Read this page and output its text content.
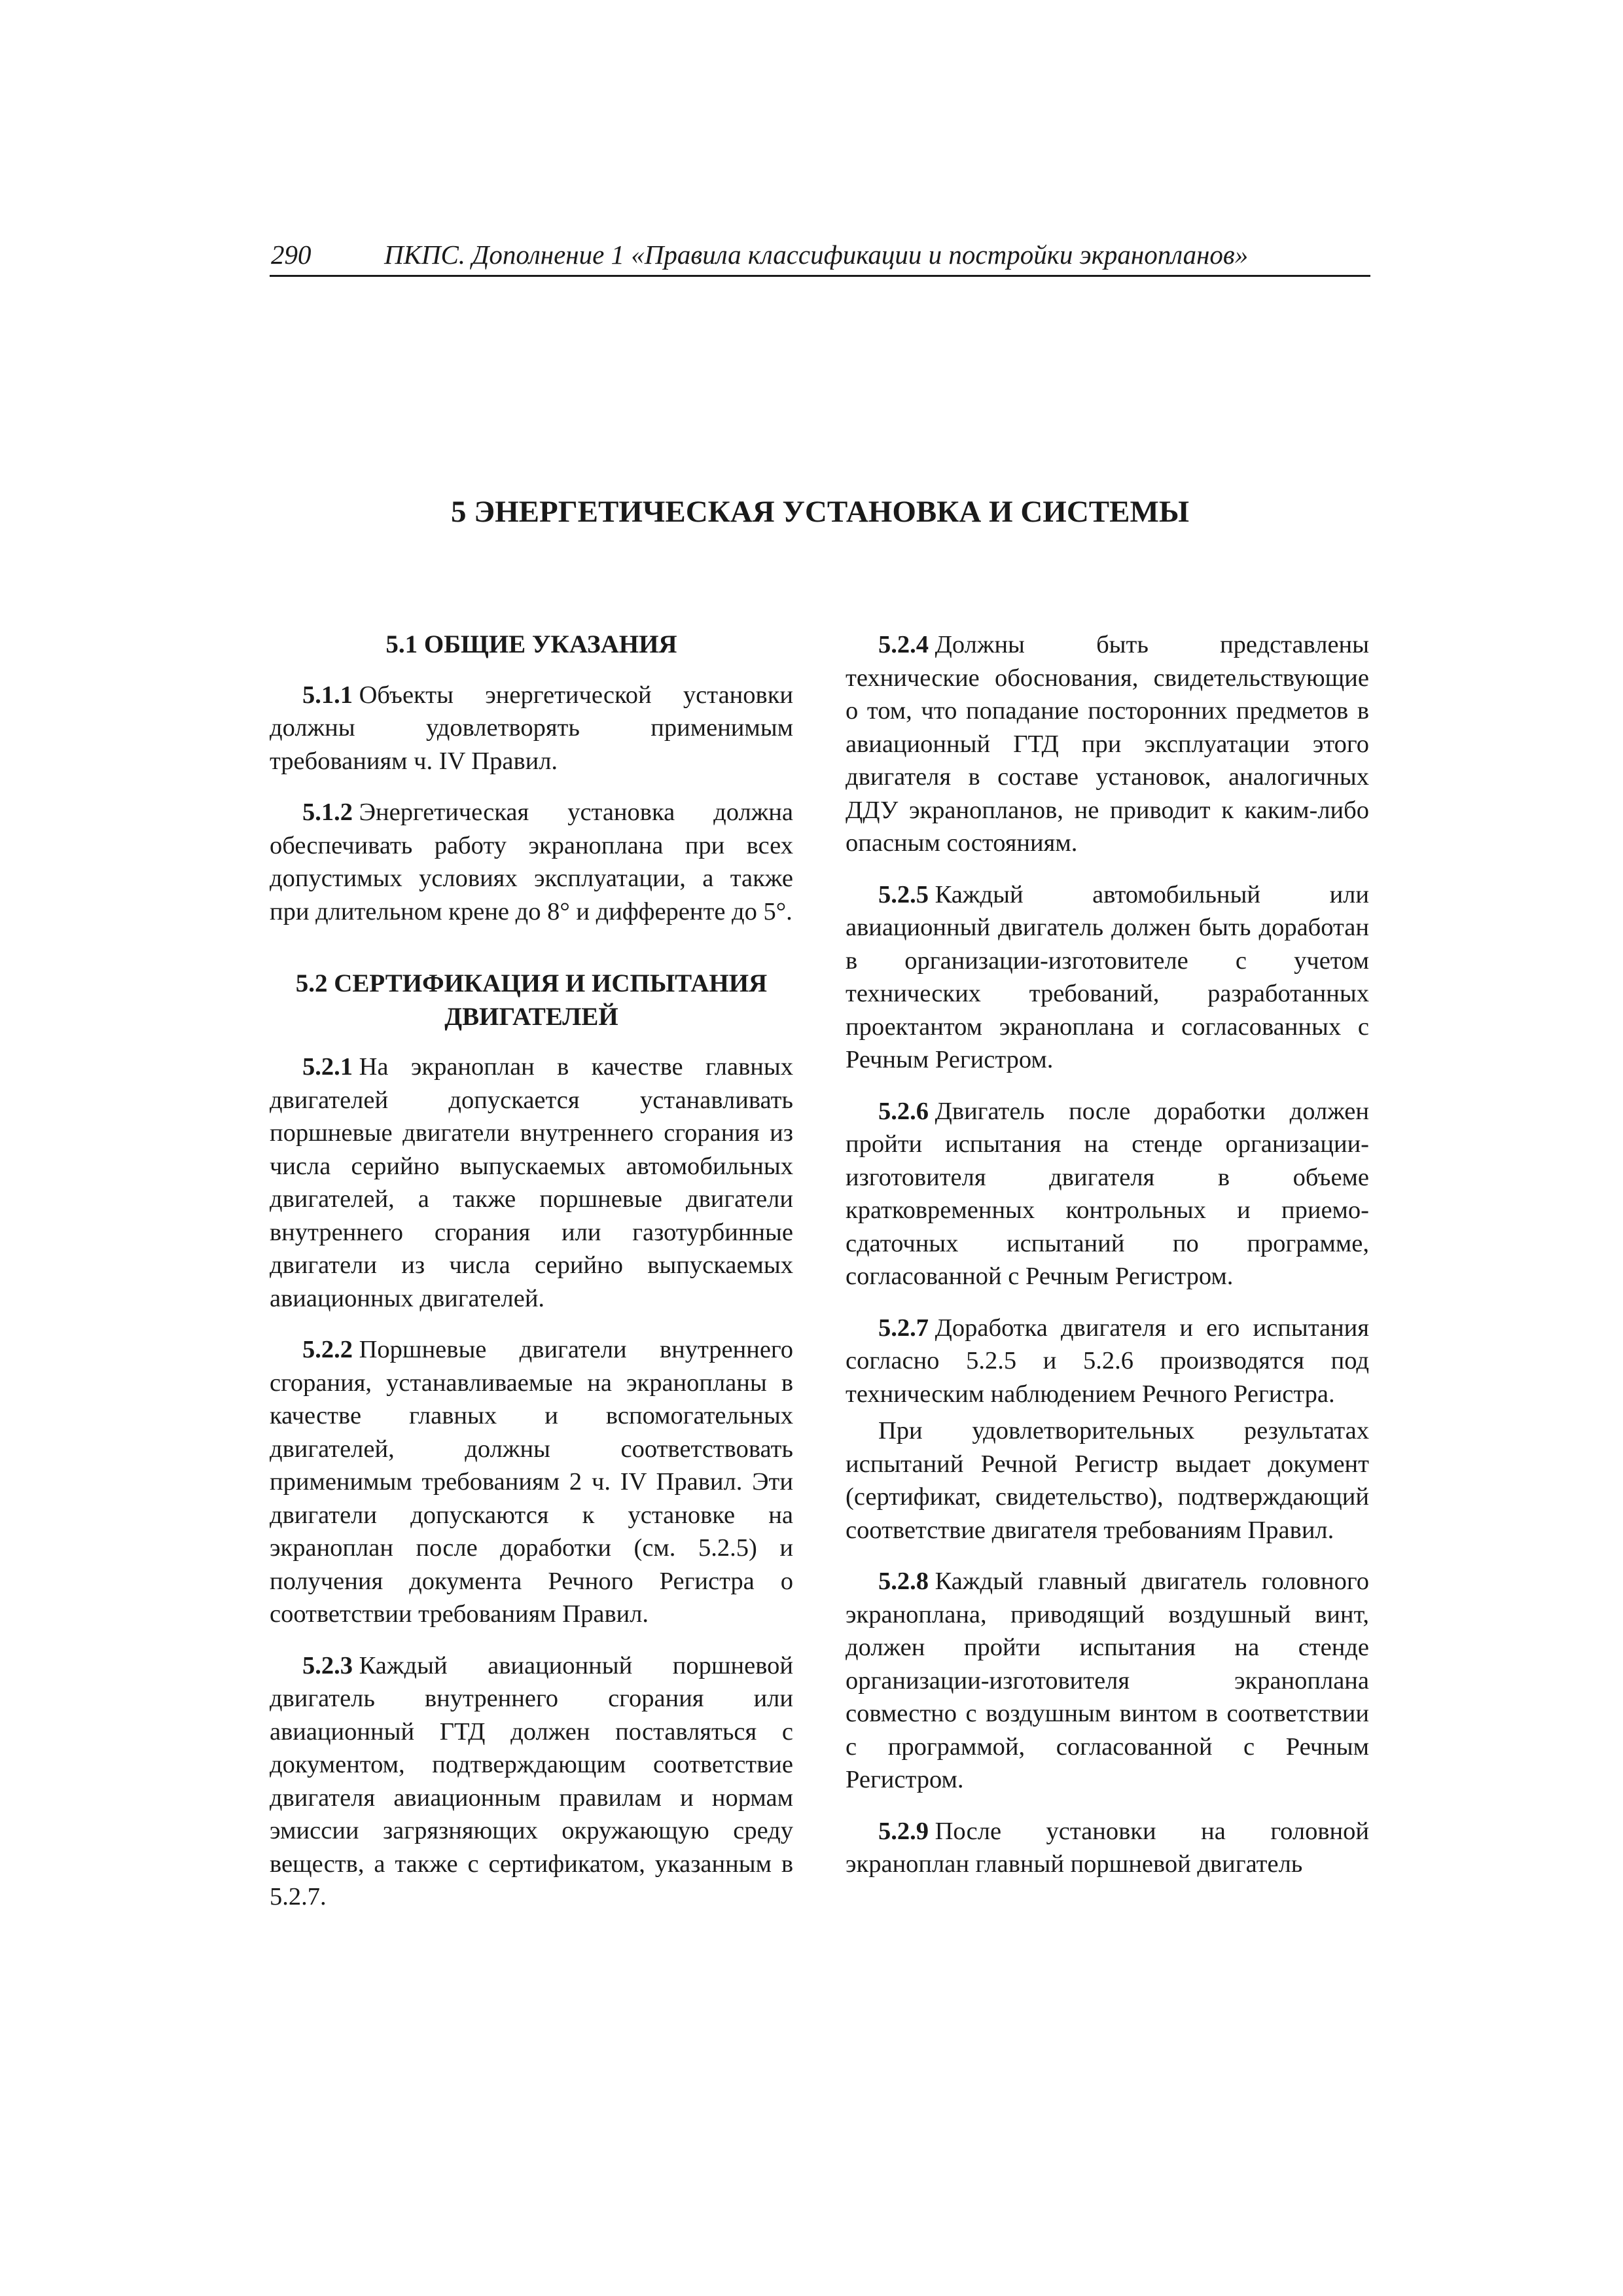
290	ПКПС. Дополнение 1 «Правила классификации и постройки экранопланов»
5 ЭНЕРГЕТИЧЕСКАЯ УСТАНОВКА И СИСТЕМЫ
5.1 ОБЩИЕ УКАЗАНИЯ

5.1.1  Объекты энергетической установки должны удовлетворять применимым требованиям ч. IV Правил.

5.1.2  Энергетическая установка должна обеспечивать работу экраноплана при всех допустимых условиях эксплуатации, а также при длительном крене до 8° и дифференте до 5°.

5.2 СЕРТИФИКАЦИЯ И ИСПЫТАНИЯ
ДВИГАТЕЛЕЙ

5.2.1  На экраноплан в качестве главных двигателей допускается устанавливать поршневые двигатели внутреннего сгорания из числа серийно выпускаемых автомобильных двигателей, а также поршневые двигатели внутреннего сгорания или газотурбинные двигатели из числа серийно выпускаемых авиационных двигателей.

5.2.2  Поршневые двигатели внутреннего сгорания, устанавливаемые на экранопланы в качестве главных и вспомогательных двигателей, должны соответствовать применимым требованиям 2 ч. IV Правил. Эти двигатели допускаются к установке на экраноплан после доработки (см. 5.2.5) и получения документа Речного Регистра о соответствии требованиям Правил.

5.2.3  Каждый авиационный поршневой двигатель внутреннего сгорания или авиационный ГТД должен поставляться с документом, подтверждающим соответствие двигателя авиационным правилам и нормам эмиссии загрязняющих окружающую среду веществ, а также с сертификатом, указанным в 5.2.7.

5.2.4  Должны быть представлены технические обоснования, свидетельствующие о том, что попадание посторонних предметов в авиационный ГТД при эксплуатации этого двигателя в составе установок, аналогичных ДДУ экранопланов, не приводит к каким-либо опасным состояниям.

5.2.5  Каждый автомобильный или авиационный двигатель должен быть доработан в организации-изготовителе с учетом технических требований, разработанных проектантом экраноплана и согласованных с Речным Регистром.

5.2.6  Двигатель после доработки должен пройти испытания на стенде организации-изготовителя двигателя в объеме кратковременных контрольных и приемо-сдаточных испытаний по программе, согласованной с Речным Регистром.

5.2.7  Доработка двигателя и его испытания согласно 5.2.5 и 5.2.6 производятся под техническим наблюдением Речного Регистра.

При удовлетворительных результатах испытаний Речной Регистр выдает документ (сертификат, свидетельство), подтверждающий соответствие двигателя требованиям Правил.

5.2.8  Каждый главный двигатель головного экраноплана, приводящий воздушный винт, должен пройти испытания на стенде организации-изготовителя экраноплана совместно с воздушным винтом в соответствии с программой, согласованной с Речным Регистром.

5.2.9  После установки на головной экраноплан главный поршневой двигатель
